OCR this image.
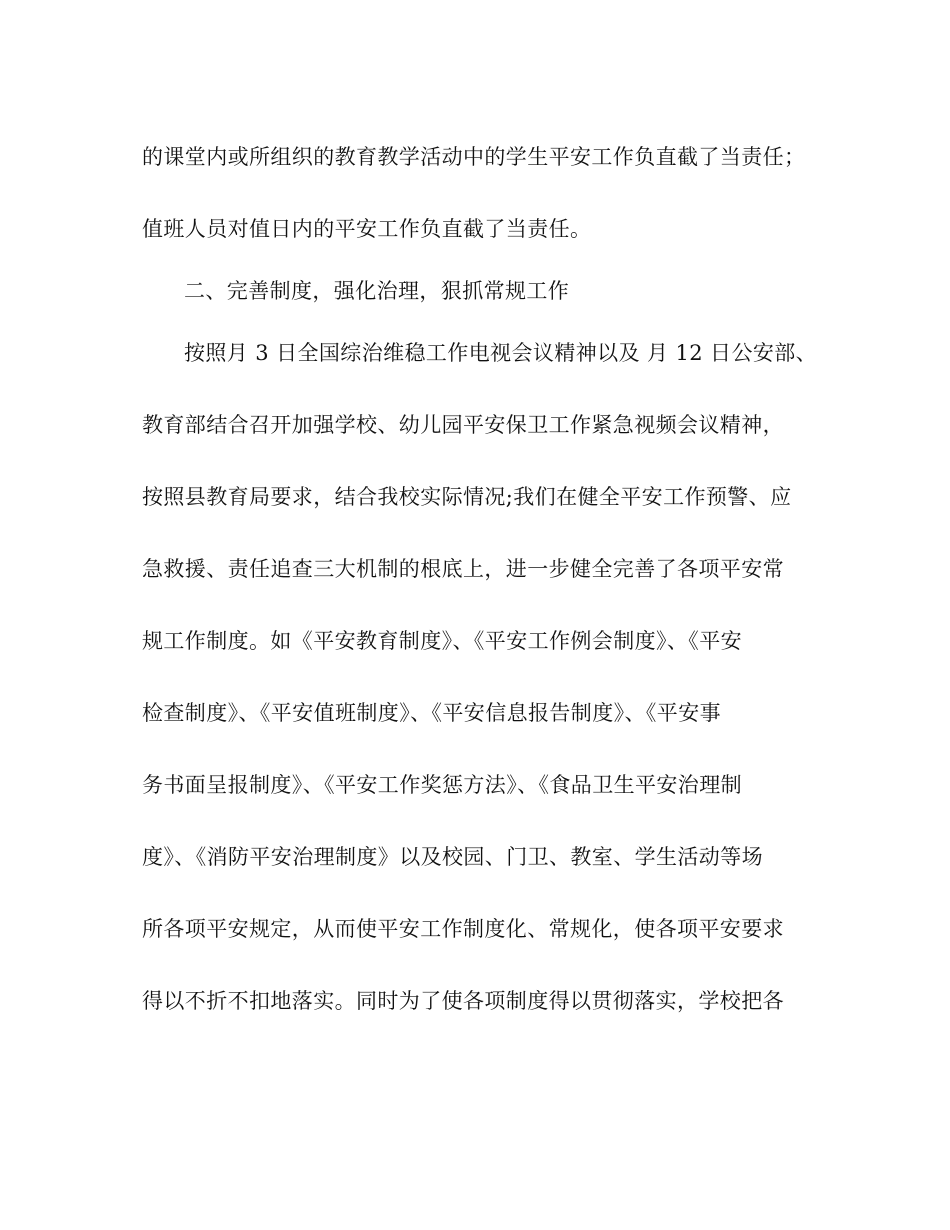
的课堂内或所组织的教育教学活动中的学生平安工作负直截了当责任；
值班人员对值日内的平安工作负直截了当责任。
二、完善制度，强化治理，狠抓常规工作
按照月 3 日全国综治维稳工作电视会议精神以及 月 12 日公安部、
教育部结合召开加强学校、幼儿园平安保卫工作紧急视频会议精神，
按照县教育局要求，结合我校实际情况;我们在健全平安工作预警、应
急救援、责任追查三大机制的根底上，进一步健全完善了各项平安常
规工作制度。如《平安教育制度》、《平安工作例会制度》、《平安
检查制度》、《平安值班制度》、《平安信息报告制度》、《平安事
务书面呈报制度》、《平安工作奖惩方法》、《食品卫生平安治理制
度》、《消防平安治理制度》以及校园、门卫、教室、学生活动等场
所各项平安规定，从而使平安工作制度化、常规化，使各项平安要求
得以不折不扣地落实。同时为了使各项制度得以贯彻落实，学校把各
